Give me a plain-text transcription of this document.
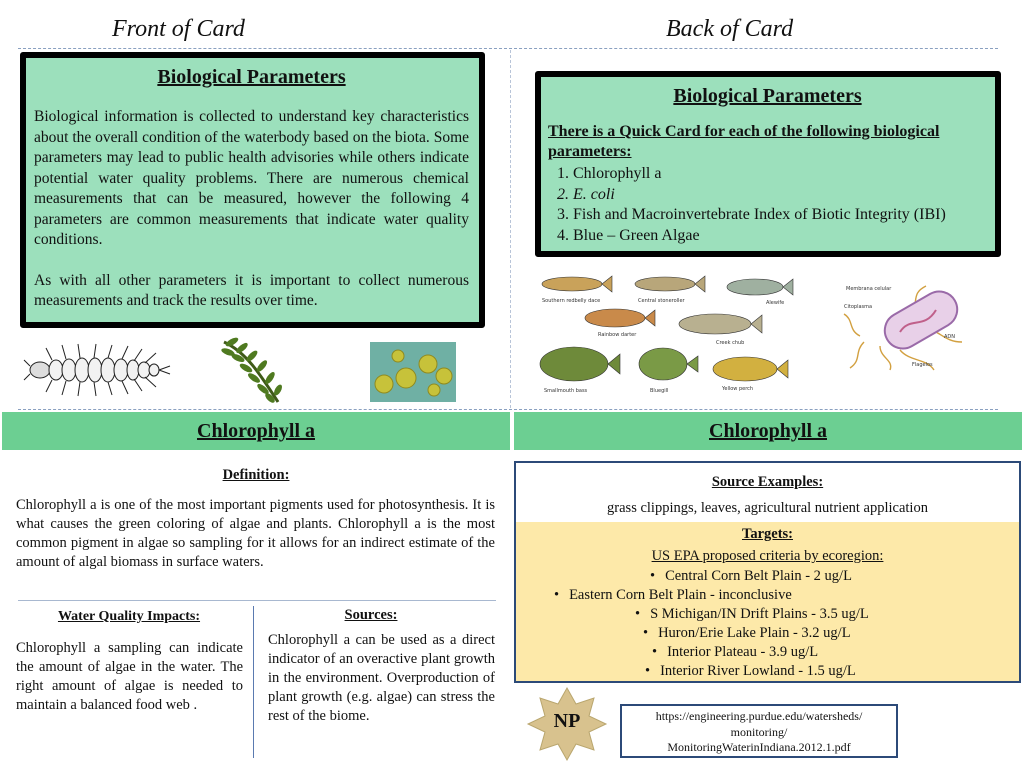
Front of Card	Back of Card
Biological Parameters
Biological information is collected to understand key characteristics about the overall condition of the waterbody based on the biota. Some parameters may lead to public health advisories while others indicate potential water quality problems. There are numerous chemical measurements that can be measured, however the following 4 parameters are common measurements that indicate water quality conditions.
As with all other parameters it is important to collect numerous measurements and track the results over time.
Biological Parameters
There is a Quick Card for each of the following biological parameters:
1. Chlorophyll a
2. E. coli
3. Fish and Macroinvertebrate Index of Biotic Integrity (IBI)
4. Blue – Green Algae
Southern redbelly dace	Central stoneroller	Alewife
Rainbow darter
Creek chub
Smallmouth bass	Bluegill	Yellow perch
Membrana celular
Citoplasma
ADN
Flagelos
Chlorophyll a	Chlorophyll a
Definition:
Chlorophyll a is one of the most important pigments used for photosynthesis. It is what causes the green coloring of algae and plants. Chlorophyll a is the most common pigment in algae so sampling for it allows for an indirect estimate of the amount of algal biomass in surface waters.
Water Quality Impacts:
Chlorophyll a sampling can indicate the amount of algae in the water. The right amount of algae is needed to maintain a balanced food web .
Sources:
Chlorophyll a can be used as a direct indicator of an overactive plant growth in the environment. Overproduction of plant growth (e.g. algae) can stress the rest of the biome.
Source Examples:
grass clippings, leaves, agricultural nutrient application
Targets:
US EPA proposed criteria by ecoregion:
• Central Corn Belt Plain - 2 ug/L
• Eastern Corn Belt Plain - inconclusive
• S Michigan/IN Drift Plains - 3.5 ug/L
• Huron/Erie Lake Plain - 3.2 ug/L
• Interior Plateau - 3.9 ug/L
• Interior River Lowland - 1.5 ug/L
NP	https://engineering.purdue.edu/watersheds/
monitoring/
MonitoringWaterinIndiana.2012.1.pdf
